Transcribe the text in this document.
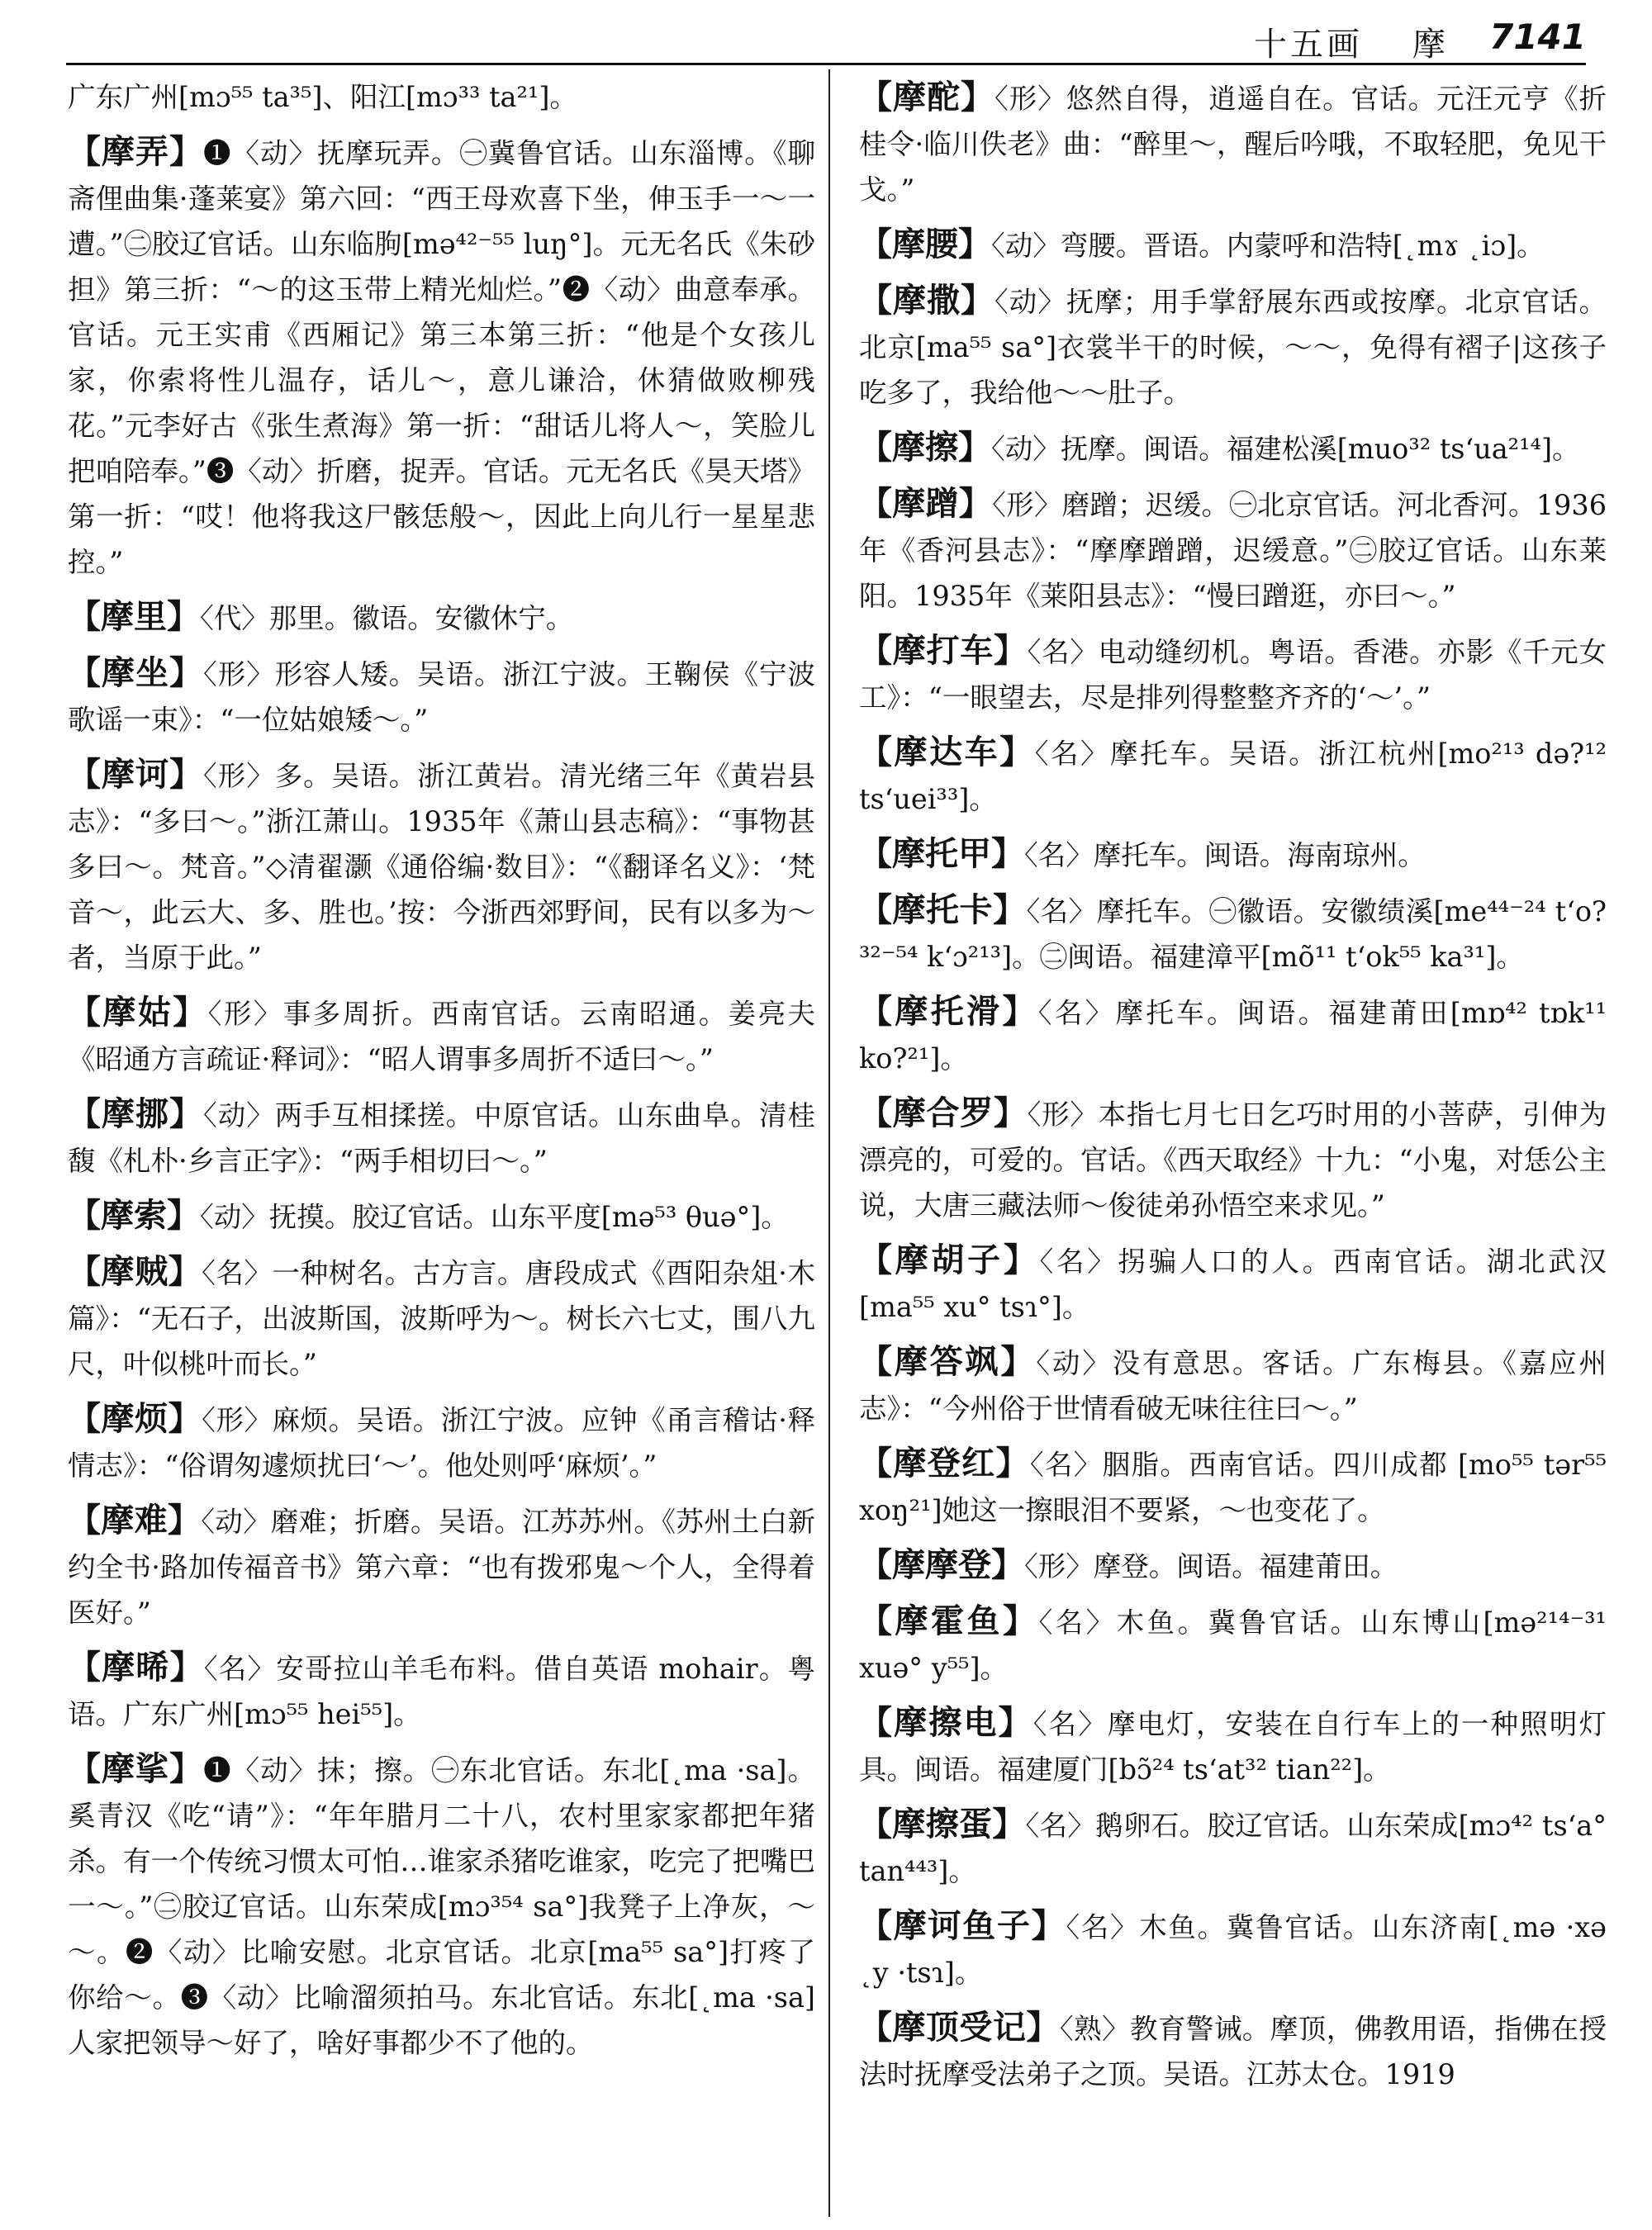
十五画 摩 7141

广东广州[mɔ⁵⁵ ta³⁵]、阳江[mɔ³³ ta²¹]。

【摩弄】❶〈动〉抚摩玩弄。㊀冀鲁官话。山东淄博。《聊斋俚曲集·蓬莱宴》第六回：“西王母欢喜下坐，伸玉手一～一遭。”㊁胶辽官话。山东临朐[mə⁴²⁻⁵⁵ luŋ°]。元无名氏《朱砂担》第三折：“～的这玉带上精光灿烂。”❷〈动〉曲意奉承。官话。元王实甫《西厢记》第三本第三折：“他是个女孩儿家，你索将性儿温存，话儿～，意儿谦洽，休猜做败柳残花。”元李好古《张生煮海》第一折：“甜话儿将人～，笑脸儿把咱陪奉。”❸〈动〉折磨，捉弄。官话。元无名氏《昊天塔》第一折：“哎！他将我这尸骸恁般～，因此上向儿行一星星悲控。”

【摩里】〈代〉那里。徽语。安徽休宁。

【摩坐】〈形〉形容人矮。吴语。浙江宁波。王鞠侯《宁波歌谣一束》：“一位姑娘矮～。”

【摩诃】〈形〉多。吴语。浙江黄岩。清光绪三年《黄岩县志》：“多曰～。”浙江萧山。1935年《萧山县志稿》：“事物甚多曰～。梵音。”◇清翟灏《通俗编·数目》：“《翻译名义》：‘梵音～，此云大、多、胜也。’按：今浙西郊野间，民有以多为～者，当原于此。”

【摩姑】〈形〉事多周折。西南官话。云南昭通。姜亮夫《昭通方言疏证·释词》：“昭人谓事多周折不适曰～。”

【摩挪】〈动〉两手互相揉搓。中原官话。山东曲阜。清桂馥《札朴·乡言正字》：“两手相切曰～。”

【摩索】〈动〉抚摸。胶辽官话。山东平度[mə⁵³ θuə°]。

【摩贼】〈名〉一种树名。古方言。唐段成式《酉阳杂俎·木篇》：“无石子，出波斯国，波斯呼为～。树长六七丈，围八九尺，叶似桃叶而长。”

【摩烦】〈形〉麻烦。吴语。浙江宁波。应钟《甬言稽诂·释情志》：“俗谓匆遽烦扰曰‘～’。他处则呼‘麻烦’。”

【摩难】〈动〉磨难；折磨。吴语。江苏苏州。《苏州土白新约全书·路加传福音书》第六章：“也有拨邪鬼～个人，全得着医好。”

【摩晞】〈名〉安哥拉山羊毛布料。借自英语 mohair。粤语。广东广州[mɔ⁵⁵ hei⁵⁵]。

【摩挲】❶〈动〉抹；擦。㊀东北官话。东北[˛ma ·sa]。奚青汉《吃“请”》：“年年腊月二十八，农村里家家都把年猪杀。有一个传统习惯太可怕…谁家杀猪吃谁家，吃完了把嘴巴一～。”㊁胶辽官话。山东荣成[mɔ³⁵⁴ sa°]我凳子上净灰，～～。❷〈动〉比喻安慰。北京官话。北京[ma⁵⁵ sa°]打疼了你给～。❸〈动〉比喻溜须拍马。东北官话。东北[˛ma ·sa]人家把领导～好了，啥好事都少不了他的。

【摩酡】〈形〉悠然自得，逍遥自在。官话。元汪元亨《折桂令·临川佚老》曲：“醉里～，醒后吟哦，不取轻肥，免见干戈。”

【摩腰】〈动〉弯腰。晋语。内蒙呼和浩特[˛mɤ ˛iɔ]。

【摩撒】〈动〉抚摩；用手掌舒展东西或按摩。北京官话。北京[ma⁵⁵ sa°]衣裳半干的时候，～～，免得有褶子|这孩子吃多了，我给他～～肚子。

【摩擦】〈动〉抚摩。闽语。福建松溪[muo³² ts‘ua²¹⁴]。

【摩蹭】〈形〉磨蹭；迟缓。㊀北京官话。河北香河。1936年《香河县志》：“摩摩蹭蹭，迟缓意。”㊁胶辽官话。山东莱阳。1935年《莱阳县志》：“慢曰蹭逛，亦曰～。”

【摩打车】〈名〉电动缝纫机。粤语。香港。亦影《千元女工》：“一眼望去，尽是排列得整整齐齐的‘～’。”

【摩达车】〈名〉摩托车。吴语。浙江杭州[mo²¹³ də?¹² ts‘uei³³]。

【摩托甲】〈名〉摩托车。闽语。海南琼州。

【摩托卡】〈名〉摩托车。㊀徽语。安徽绩溪[me⁴⁴⁻²⁴ t‘o?³²⁻⁵⁴ k‘ɔ²¹³]。㊁闽语。福建漳平[mõ¹¹ t‘ok⁵⁵ ka³¹]。

【摩托滑】〈名〉摩托车。闽语。福建莆田[mɒ⁴² tɒk¹¹ ko?²¹]。

【摩合罗】〈形〉本指七月七日乞巧时用的小菩萨，引伸为漂亮的，可爱的。官话。《西天取经》十九：“小鬼，对恁公主说，大唐三藏法师～俊徒弟孙悟空来求见。”

【摩胡子】〈名〉拐骗人口的人。西南官话。湖北武汉[ma⁵⁵ xu° tsɿ°]。

【摩答飒】〈动〉没有意思。客话。广东梅县。《嘉应州志》：“今州俗于世情看破无味往往曰～。”

【摩登红】〈名〉胭脂。西南官话。四川成都 [mo⁵⁵ tər⁵⁵ xoŋ²¹]她这一擦眼泪不要紧，～也变花了。

【摩摩登】〈形〉摩登。闽语。福建莆田。

【摩霍鱼】〈名〉木鱼。冀鲁官话。山东博山[mə²¹⁴⁻³¹ xuə° y⁵⁵]。

【摩擦电】〈名〉摩电灯，安装在自行车上的一种照明灯具。闽语。福建厦门[bɔ̃²⁴ ts‘at³² tian²²]。

【摩擦蛋】〈名〉鹅卵石。胶辽官话。山东荣成[mɔ⁴² ts‘a° tan⁴⁴³]。

【摩诃鱼子】〈名〉木鱼。冀鲁官话。山东济南[˛mə ·xə ˛y ·tsɿ]。

【摩顶受记】〈熟〉教育警诫。摩顶，佛教用语，指佛在授法时抚摩受法弟子之顶。吴语。江苏太仓。1919
